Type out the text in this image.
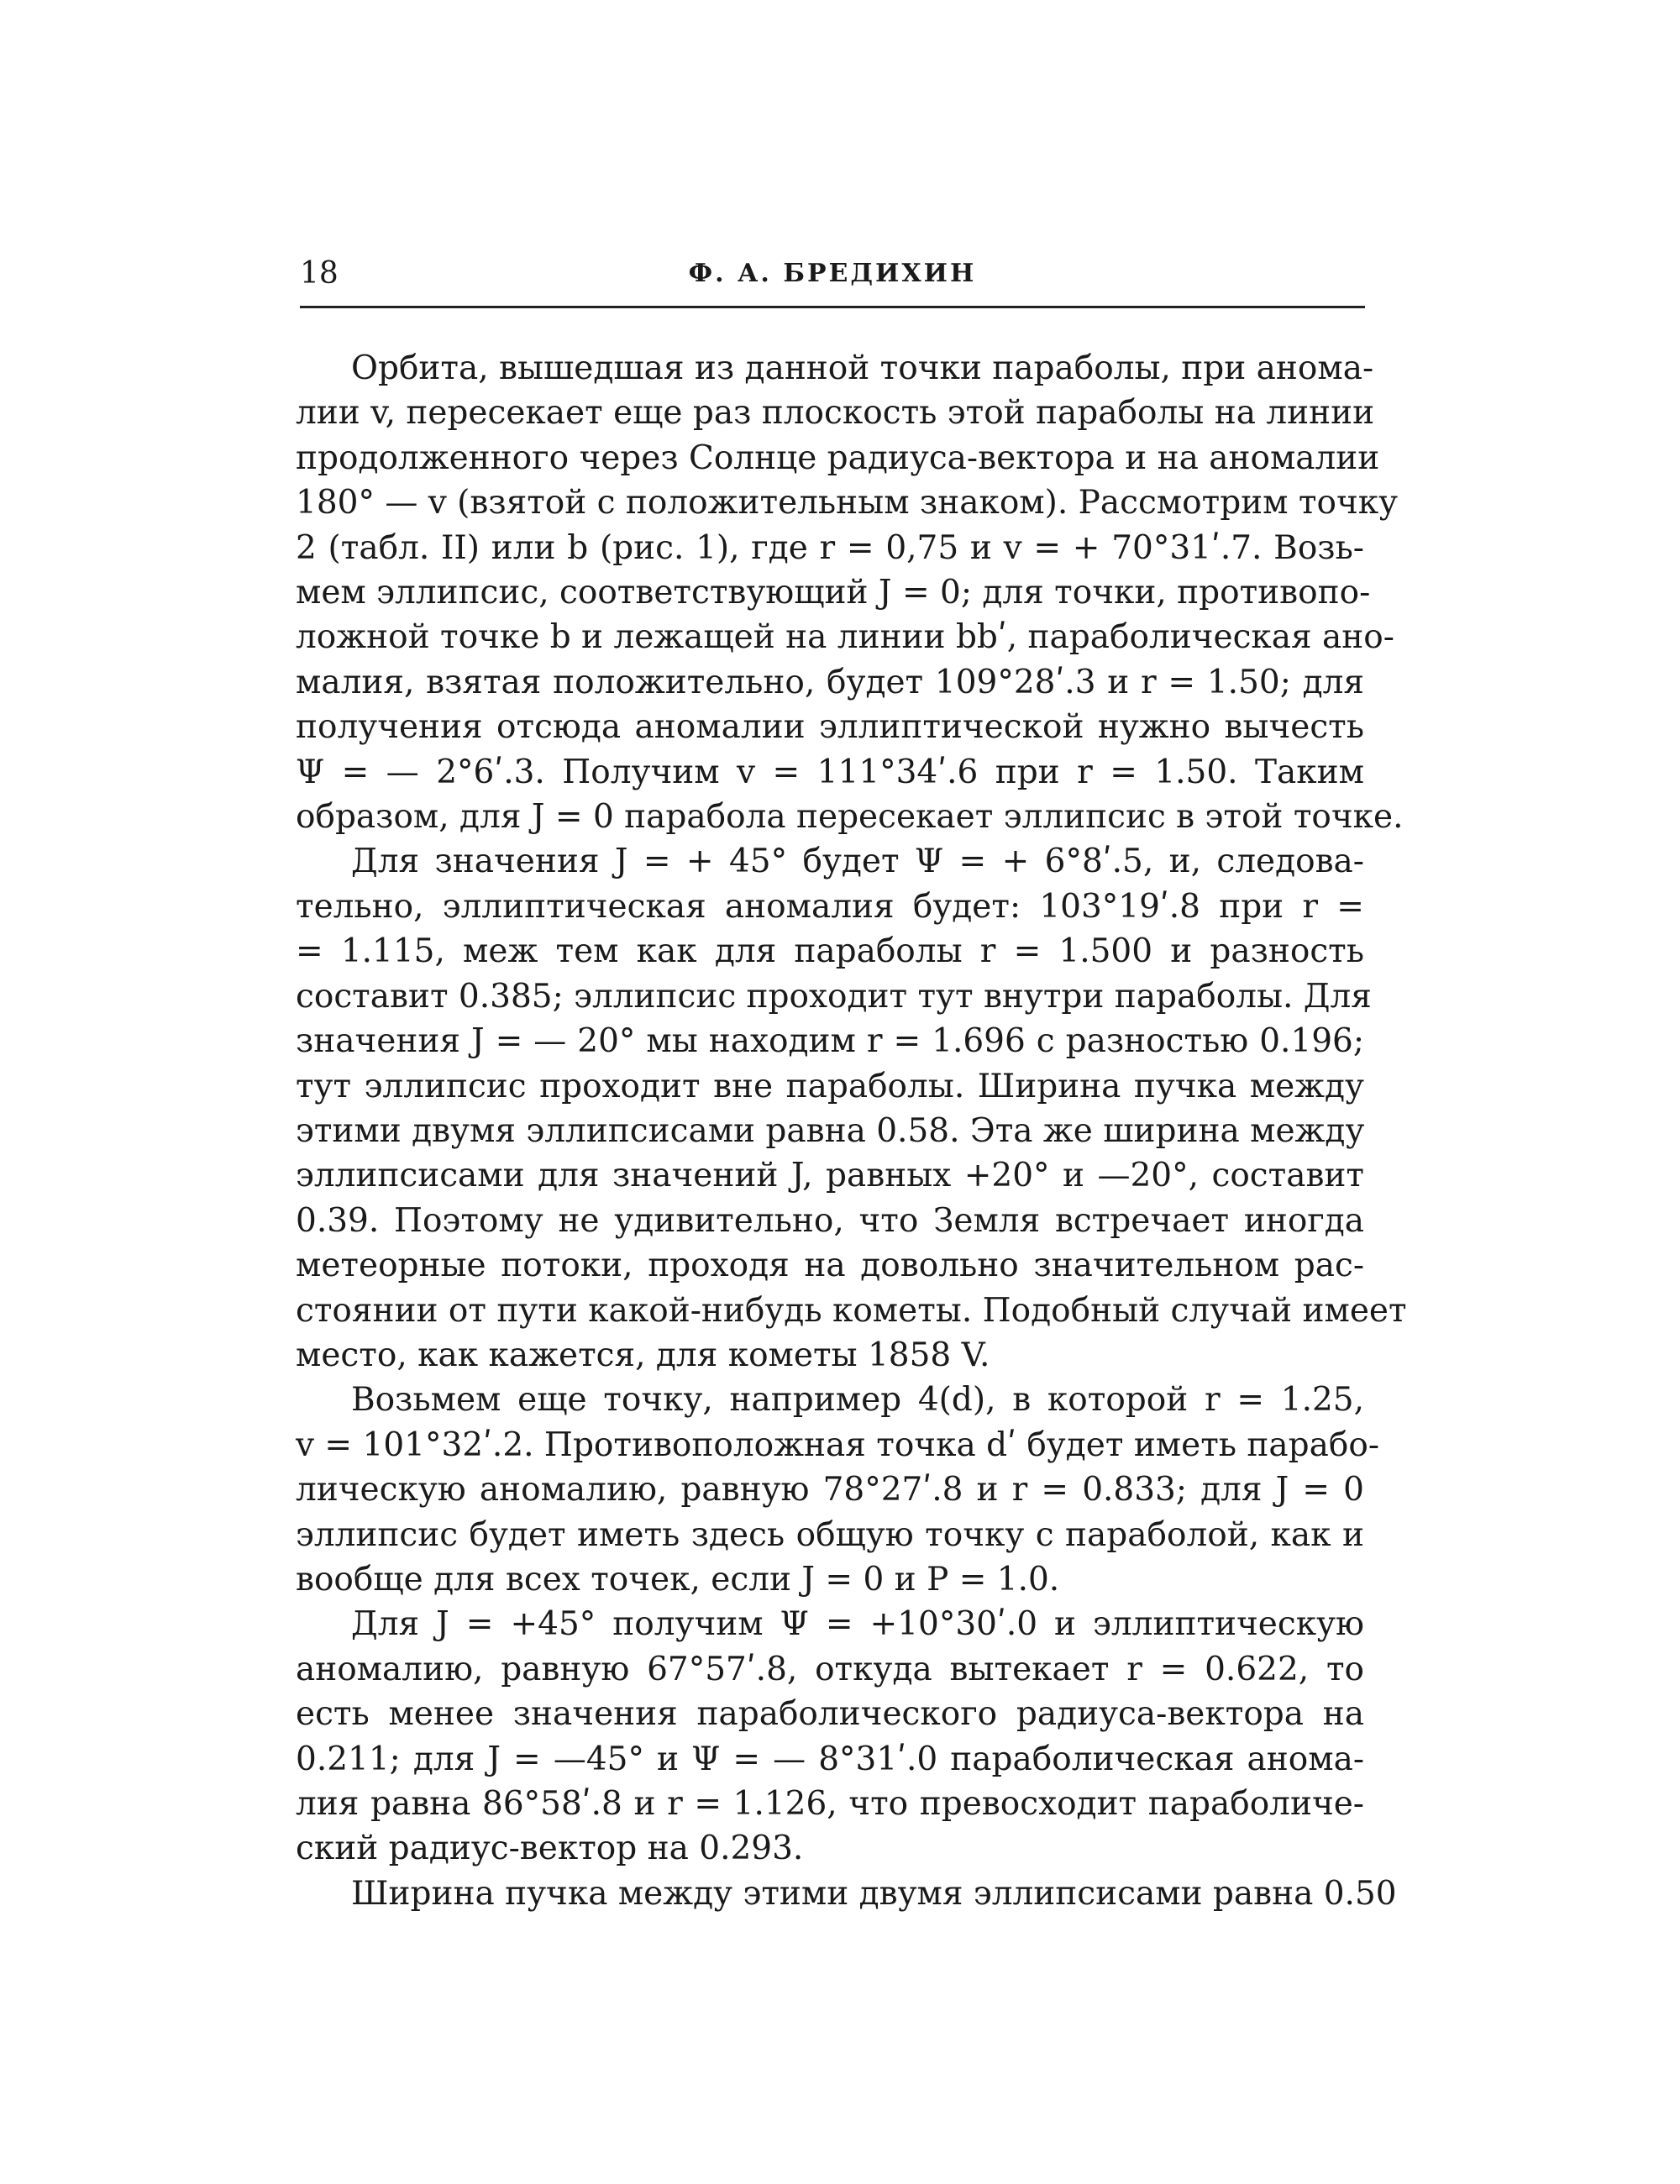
18	Ф. А. БРЕДИХИН

Орбита, вышедшая из данной точки параболы, при анома-
лии v, пересекает еще раз плоскость этой параболы на линии
продолженного через Солнце радиуса-вектора и на аномалии
180° — v (взятой с положительным знаком). Рассмотрим точку
2 (табл. II) или b (рис. 1), где r = 0,75 и v = + 70°31ʹ.7. Возь-
мем эллипсис, соответствующий J = 0; для точки, противопо-
ложной точке b и лежащей на линии bbʹ, параболическая ано-
малия, взятая положительно, будет 109°28ʹ.3 и r = 1.50; для
получения отсюда аномалии эллиптической нужно вычесть
Ψ = — 2°6ʹ.3. Получим v = 111°34ʹ.6 при r = 1.50. Таким
образом, для J = 0 парабола пересекает эллипсис в этой точке.

Для значения J = + 45° будет Ψ = + 6°8ʹ.5, и, следова-
тельно, эллиптическая аномалия будет: 103°19ʹ.8 при r =
= 1.115, меж тем как для параболы r = 1.500 и разность
составит 0.385; эллипсис проходит тут внутри параболы. Для
значения J = — 20° мы находим r = 1.696 с разностью 0.196;
тут эллипсис проходит вне параболы. Ширина пучка между
этими двумя эллипсисами равна 0.58. Эта же ширина между
эллипсисами для значений J, равных +20° и —20°, составит
0.39. Поэтому не удивительно, что Земля встречает иногда
метеорные потоки, проходя на довольно значительном рас-
стоянии от пути какой-нибудь кометы. Подобный случай имеет
место, как кажется, для кометы 1858 V.

Возьмем еще точку, например 4(d), в которой r = 1.25,
v = 101°32ʹ.2. Противоположная точка dʹ будет иметь парабо-
лическую аномалию, равную 78°27ʹ.8 и r = 0.833; для J = 0
эллипсис будет иметь здесь общую точку с параболой, как и
вообще для всех точек, если J = 0 и P = 1.0.

Для J = +45° получим Ψ = +10°30ʹ.0 и эллиптическую
аномалию, равную 67°57ʹ.8, откуда вытекает r = 0.622, то
есть менее значения параболического радиуса-вектора на
0.211; для J = —45° и Ψ = — 8°31ʹ.0 параболическая анома-
лия равна 86°58ʹ.8 и r = 1.126, что превосходит параболиче-
ский радиус-вектор на 0.293.

Ширина пучка между этими двумя эллипсисами равна 0.50
